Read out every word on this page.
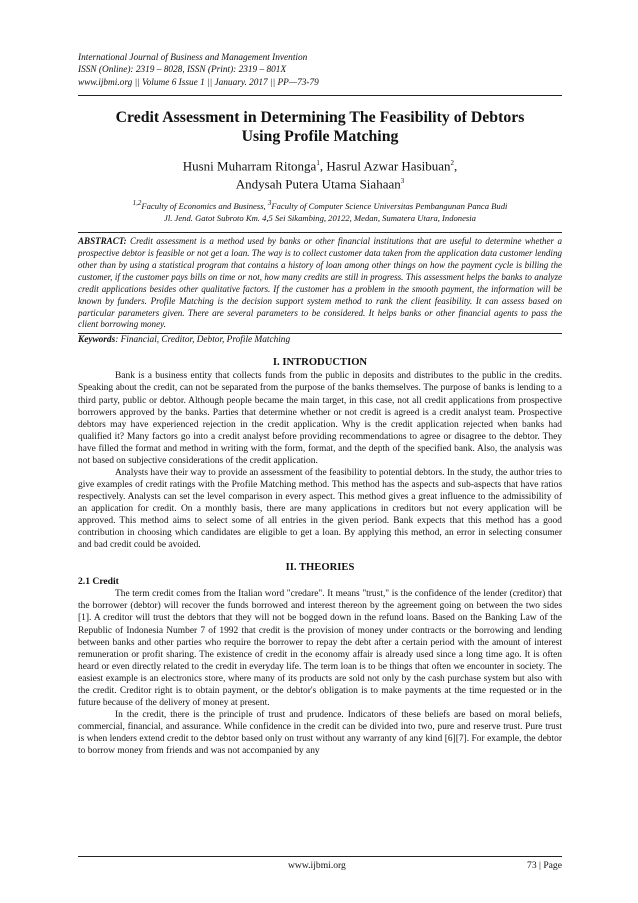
International Journal of Business and Management Invention
ISSN (Online): 2319 – 8028, ISSN (Print): 2319 – 801X
www.ijbmi.org || Volume 6 Issue 1 || January. 2017 || PP—73-79
Credit Assessment in Determining The Feasibility of Debtors
Using Profile Matching
Husni Muharram Ritonga$^1$, Hasrul Azwar Hasibuan$^2$,
Andysah Putera Utama Siahaan$^3$
$^{1,2}$Faculty of Economics and Business, $^3$Faculty of Computer Science Universitas Pembangunan Panca Budi
Jl. Jend. Gatot Subroto Km. 4,5 Sei Sikambing, 20122, Medan, Sumatera Utara, Indonesia
ABSTRACT: Credit assessment is a method used by banks or other financial institutions that are useful to determine whether a prospective debtor is feasible or not get a loan. The way is to collect customer data taken from the application data customer lending other than by using a statistical program that contains a history of loan among other things on how the payment cycle is billing the customer, if the customer pays bills on time or not, how many credits are still in progress. This assessment helps the banks to analyze credit applications besides other qualitative factors. If the customer has a problem in the smooth payment, the information will be known by funders. Profile Matching is the decision support system method to rank the client feasibility. It can assess based on particular parameters given. There are several parameters to be considered. It helps banks or other financial agents to pass the client borrowing money.
Keywords: Financial, Creditor, Debtor, Profile Matching
I. INTRODUCTION

Bank is a business entity that collects funds from the public in deposits and distributes to the public in the credits. Speaking about the credit, can not be separated from the purpose of the banks themselves. The purpose of banks is lending to a third party, public or debtor. Although people became the main target, in this case, not all credit applications from prospective borrowers approved by the banks. Parties that determine whether or not credit is agreed is a credit analyst team. Prospective debtors may have experienced rejection in the credit application. Why is the credit application rejected when banks had qualified it? Many factors go into a credit analyst before providing recommendations to agree or disagree to the debtor. They have filled the format and method in writing with the form, format, and the depth of the specified bank. Also, the analysis was not based on subjective considerations of the credit application.

Analysts have their way to provide an assessment of the feasibility to potential debtors. In the study, the author tries to give examples of credit ratings with the Profile Matching method. This method has the aspects and sub-aspects that have ratios respectively. Analysts can set the level comparison in every aspect. This method gives a great influence to the admissibility of an application for credit. On a monthly basis, there are many applications in creditors but not every application will be approved. This method aims to select some of all entries in the given period. Bank expects that this method has a good contribution in choosing which candidates are eligible to get a loan. By applying this method, an error in selecting consumer and bad credit could be avoided.

II. THEORIES
2.1 Credit

The term credit comes from the Italian word "credare". It means "trust," is the confidence of the lender (creditor) that the borrower (debtor) will recover the funds borrowed and interest thereon by the agreement going on between the two sides [1]. A creditor will trust the debtors that they will not be bogged down in the refund loans. Based on the Banking Law of the Republic of Indonesia Number 7 of 1992 that credit is the provision of money under contracts or the borrowing and lending between banks and other parties who require the borrower to repay the debt after a certain period with the amount of interest remuneration or profit sharing. The existence of credit in the economy affair is already used since a long time ago. It is often heard or even directly related to the credit in everyday life. The term loan is to be things that often we encounter in society. The easiest example is an electronics store, where many of its products are sold not only by the cash purchase system but also with the credit. Creditor right is to obtain payment, or the debtor's obligation is to make payments at the time requested or in the future because of the delivery of money at present.

In the credit, there is the principle of trust and prudence. Indicators of these beliefs are based on moral beliefs, commercial, financial, and assurance. While confidence in the credit can be divided into two, pure and reserve trust. Pure trust is when lenders extend credit to the debtor based only on trust without any warranty of any kind [6][7]. For example, the debtor to borrow money from friends and was not accompanied by any

www.ijbmi.org	73 | Page
